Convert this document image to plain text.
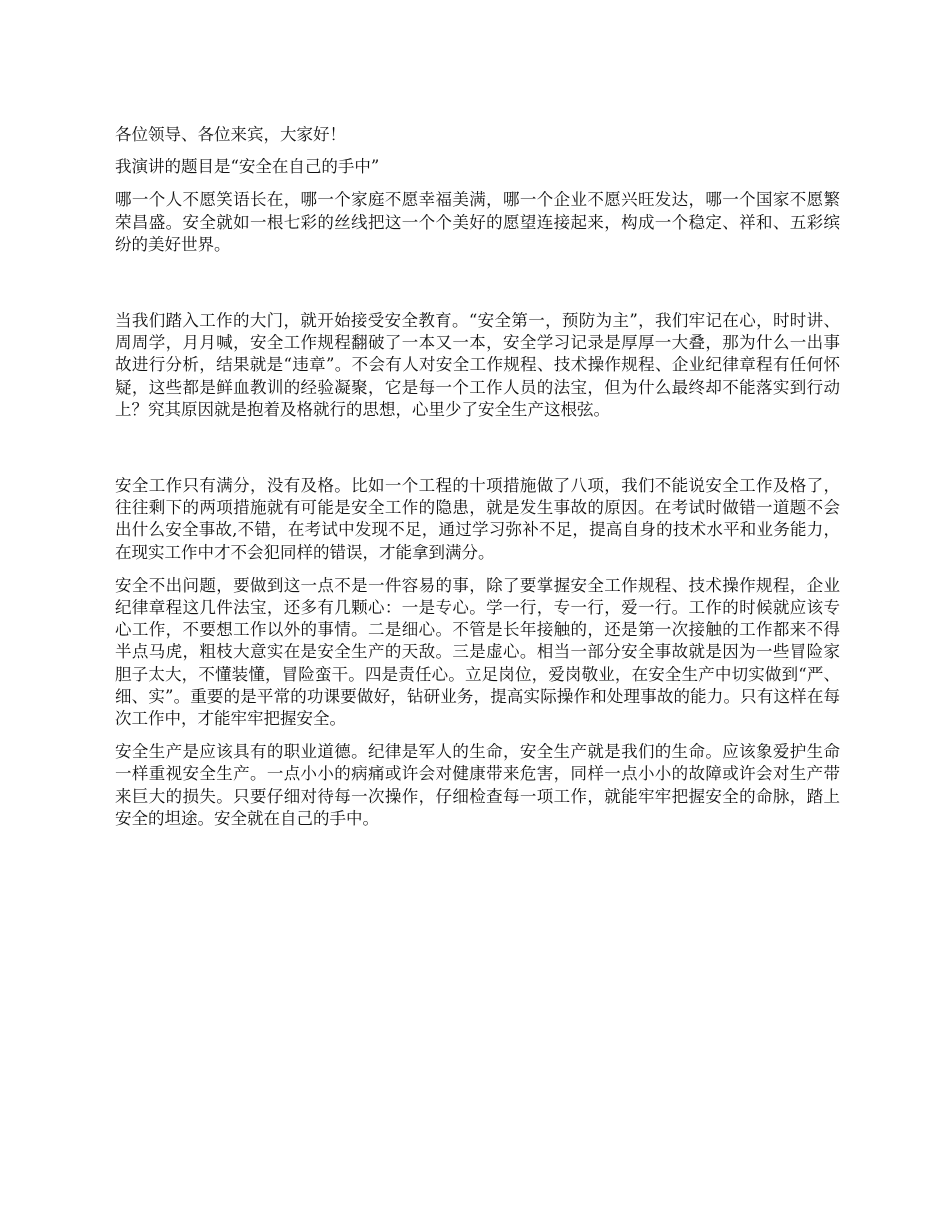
各位领导、各位来宾，大家好！

我演讲的题目是“安全在自己的手中”

哪一个人不愿笑语长在，哪一个家庭不愿幸福美满，哪一个企业不愿兴旺发达，哪一个国家不愿繁荣昌盛。安全就如一根七彩的丝线把这一个个美好的愿望连接起来，构成一个稳定、祥和、五彩缤纷的美好世界。

当我们踏入工作的大门，就开始接受安全教育。“安全第一，预防为主”，我们牢记在心，时时讲、周周学，月月喊，安全工作规程翻破了一本又一本，安全学习记录是厚厚一大叠，那为什么一出事故进行分析，结果就是“违章”。不会有人对安全工作规程、技术操作规程、企业纪律章程有任何怀疑，这些都是鲜血教训的经验凝聚，它是每一个工作人员的法宝，但为什么最终却不能落实到行动上？究其原因就是抱着及格就行的思想，心里少了安全生产这根弦。

安全工作只有满分，没有及格。比如一个工程的十项措施做了八项，我们不能说安全工作及格了，往往剩下的两项措施就有可能是安全工作的隐患，就是发生事故的原因。在考试时做错一道题不会出什么安全事故,不错，在考试中发现不足，通过学习弥补不足，提高自身的技术水平和业务能力，在现实工作中才不会犯同样的错误，才能拿到满分。

安全不出问题，要做到这一点不是一件容易的事，除了要掌握安全工作规程、技术操作规程，企业纪律章程这几件法宝，还多有几颗心：一是专心。学一行，专一行，爱一行。工作的时候就应该专心工作，不要想工作以外的事情。二是细心。不管是长年接触的，还是第一次接触的工作都来不得半点马虎，粗枝大意实在是安全生产的天敌。三是虚心。相当一部分安全事故就是因为一些冒险家胆子太大，不懂装懂，冒险蛮干。四是责任心。立足岗位，爱岗敬业，在安全生产中切实做到“严、细、实”。重要的是平常的功课要做好，钻研业务，提高实际操作和处理事故的能力。只有这样在每次工作中，才能牢牢把握安全。

安全生产是应该具有的职业道德。纪律是军人的生命，安全生产就是我们的生命。应该象爱护生命一样重视安全生产。一点小小的病痛或许会对健康带来危害，同样一点小小的故障或许会对生产带来巨大的损失。只要仔细对待每一次操作，仔细检查每一项工作，就能牢牢把握安全的命脉，踏上安全的坦途。安全就在自己的手中。
